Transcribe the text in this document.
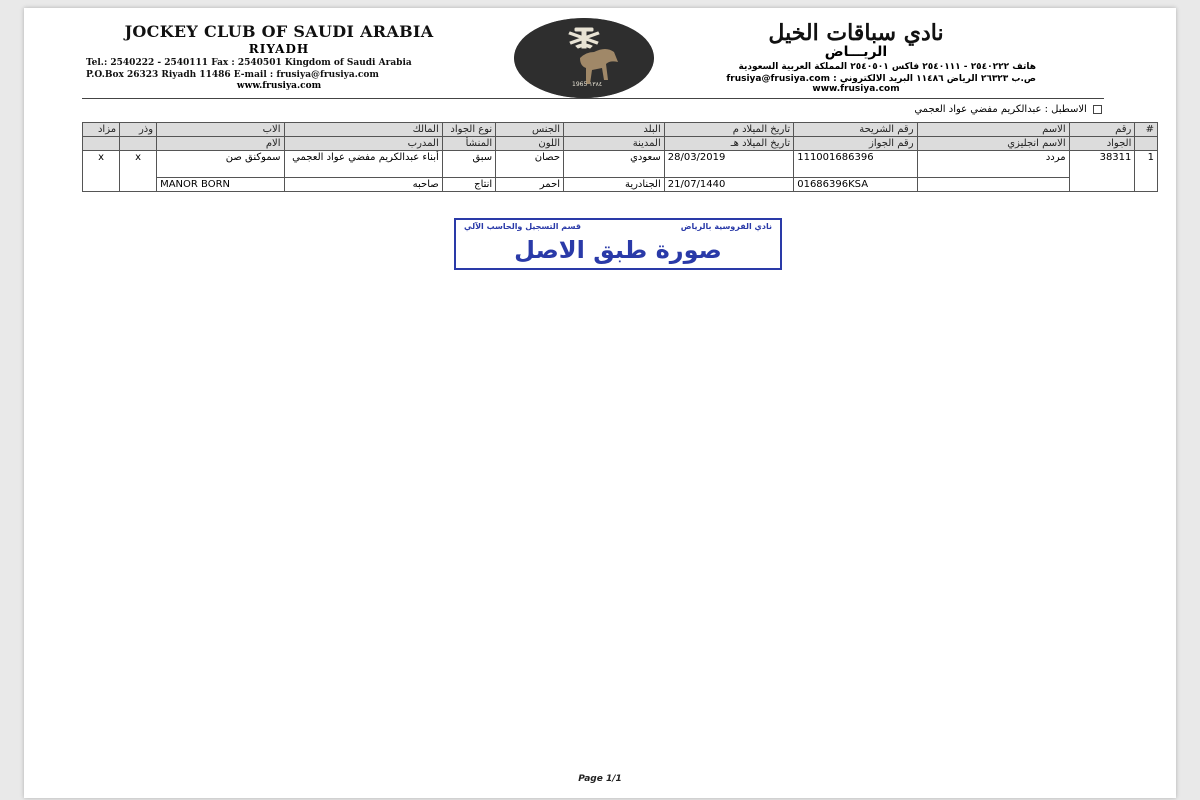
JOCKEY CLUB OF SAUDI ARABIA
RIYADH
Tel.: 2540222 - 2540111 Fax : 2540501 Kingdom of Saudi Arabia
P.O.Box 26323 Riyadh 11486 E-mail : frusiya@frusiya.com
www.frusiya.com	1965 ١٣٨٤
نادي سباقات الخيل
الريـــاض
هاتف ٢٥٤٠٢٢٢ - ٢٥٤٠١١١ فاكس ٢٥٤٠٥٠١ المملكة العربية السعودية
ص.ب ٢٦٣٢٣ الرياض ١١٤٨٦ البريد الالكتروني : frusiya@frusiya.com
www.frusiya.com
الاسطبل : عبدالكريم مفضي عواد العجمي
#	رقم	الاسم	رقم الشريحة	تاريخ الميلاد م	البلد	الجنس	نوع الجواد	المالك	الاب	وذر	مزاد
	الجواد	الاسم انجليزي	رقم الجواز	تاريخ الميلاد هـ	المدينة	اللون	المنشأ	المدرب	الام		
1	38311	مردد	111001686396	28/03/2019	سعودي	حصان	سبق	أبناء عبدالكريم مفضي عواد العجمي	سموكنق صن	x	x
			01686396KSA	21/07/1440	الجنادرية	احمر	انتاج	صاحبه	MANOR BORN		
نادي الفروسية بالرياض
قسم التسجيل والحاسب الآلي
صورة طبق الاصل
Page 1/1
